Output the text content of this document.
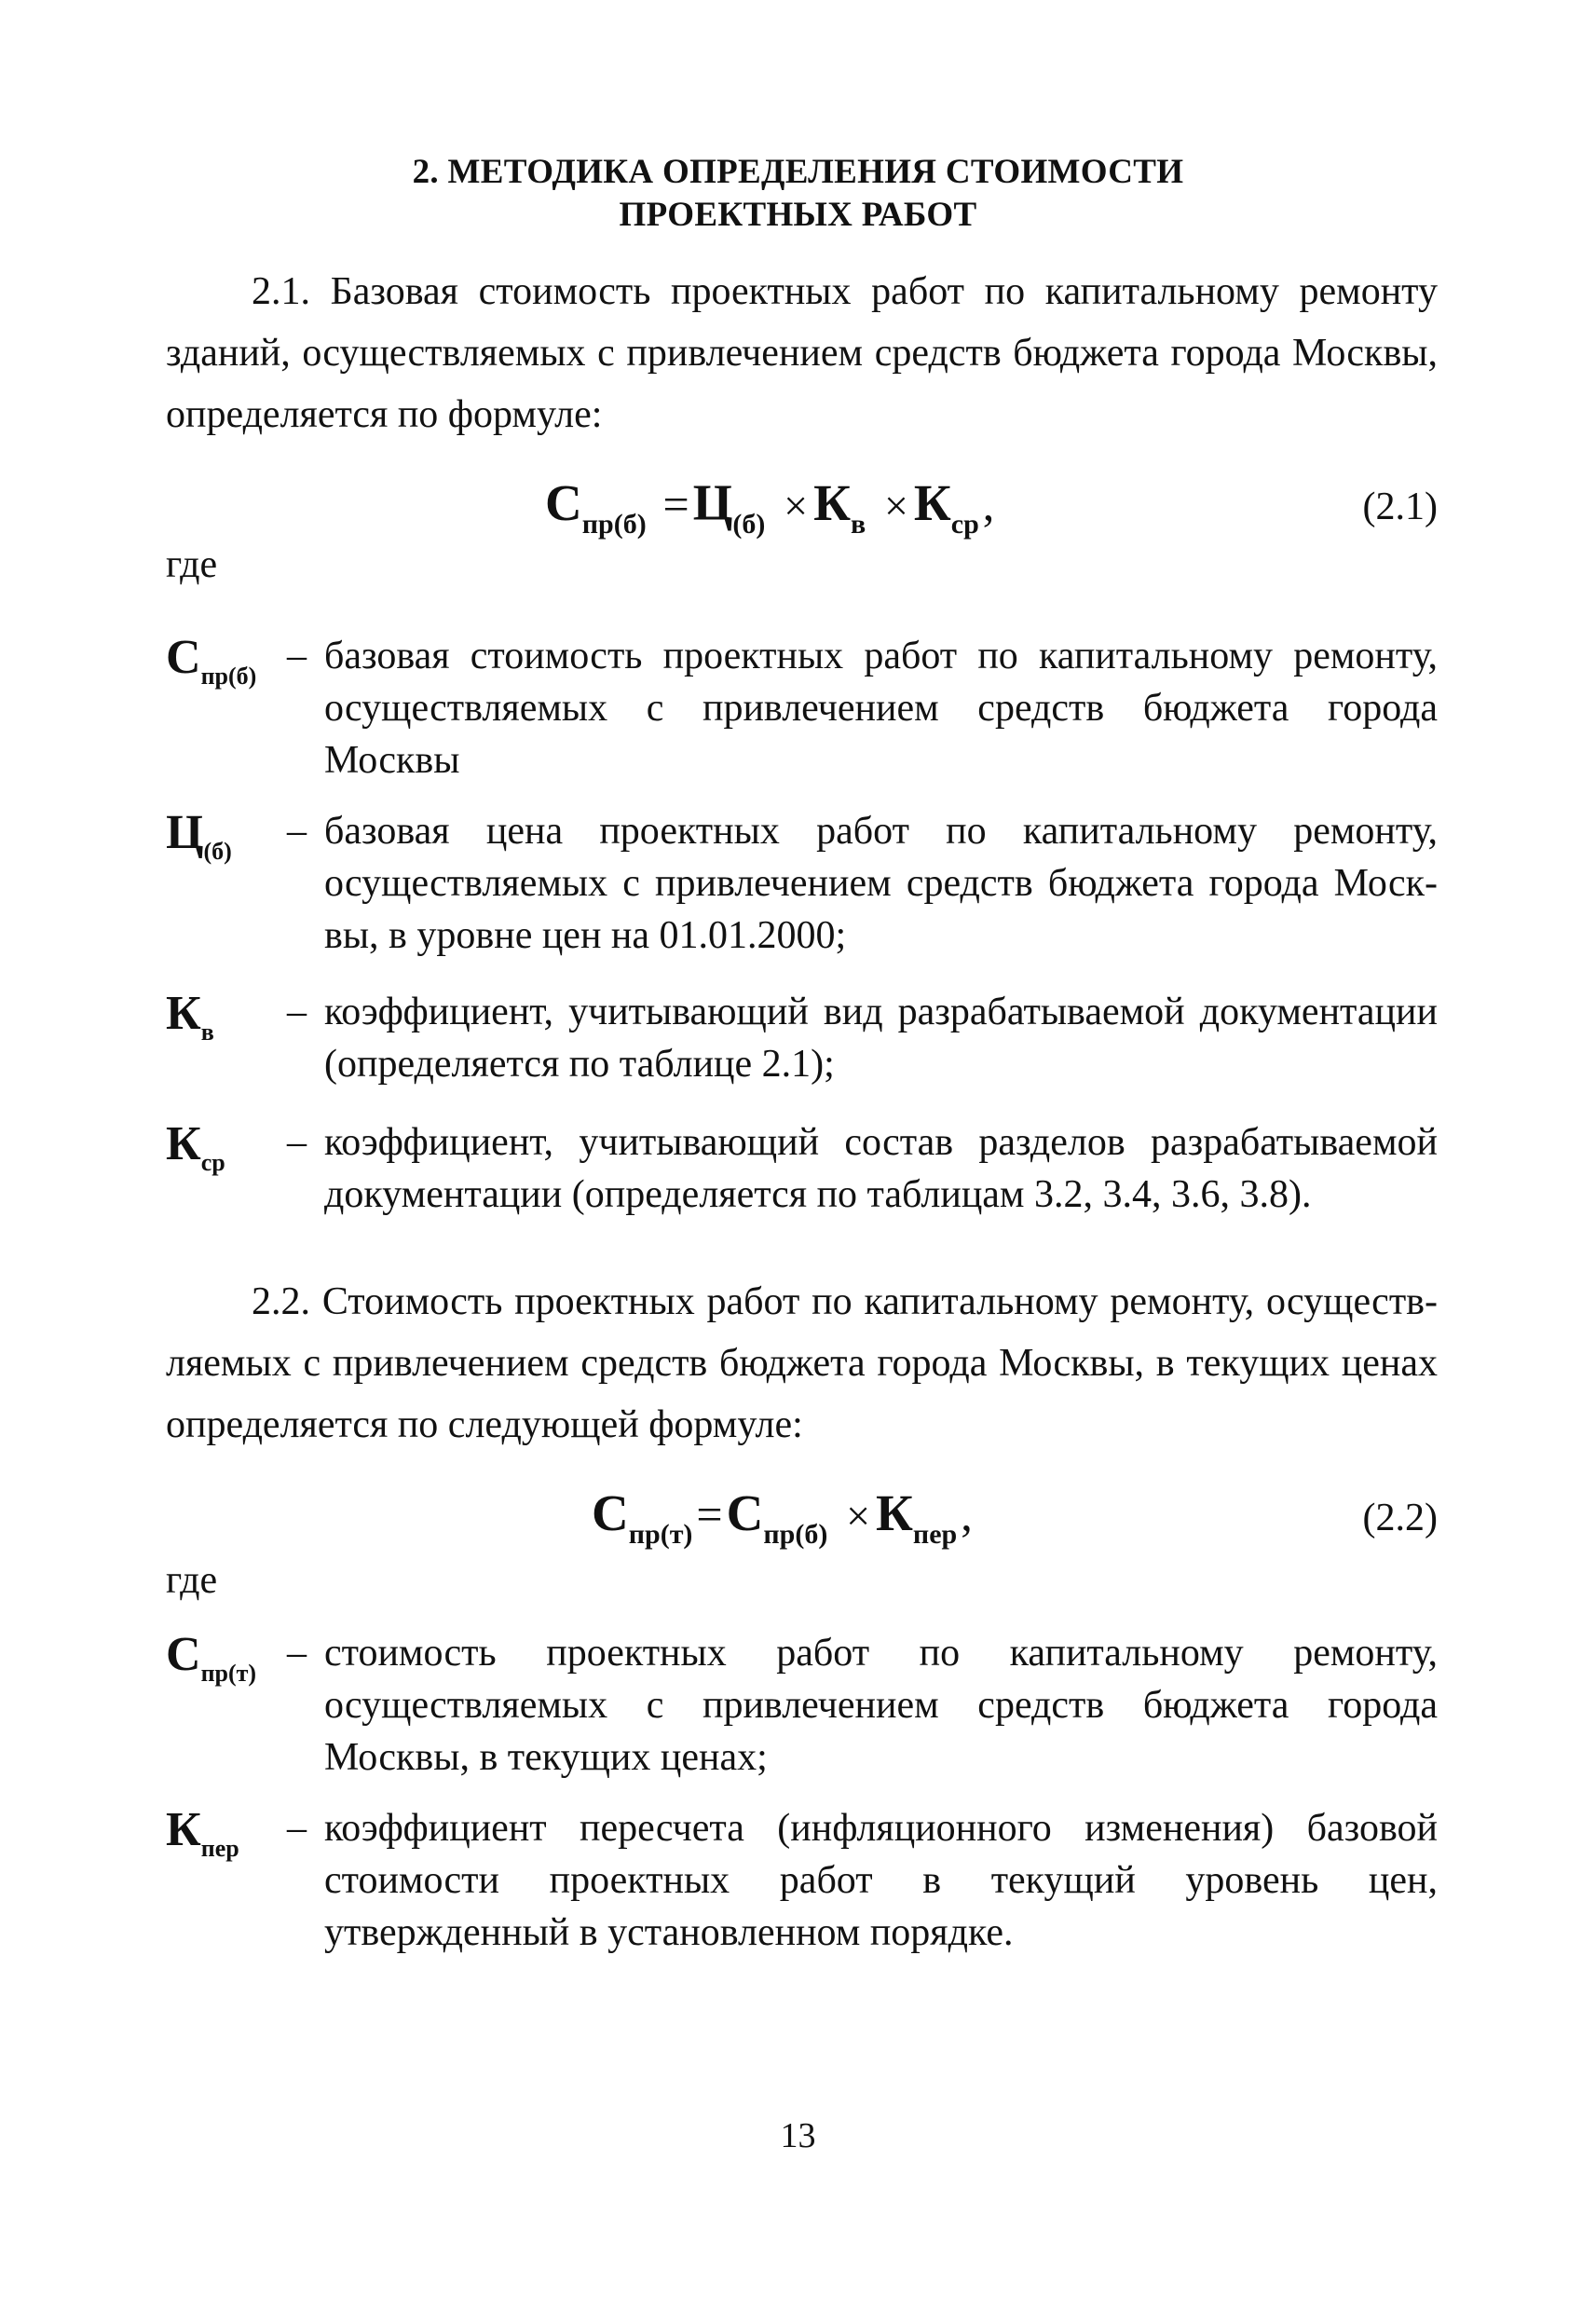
2. МЕТОДИКА ОПРЕДЕЛЕНИЯ СТОИМОСТИ
ПРОЕКТНЫХ РАБОТ
2.1. Базовая стоимость проектных работ по капитальному ремонту
зданий, осуществляемых с привлечением средств бюджета города Москвы,
определяется по формуле:
$С_{пр(б)} =Ц_{(б)} \times К_в \times К_{ср}$,	(2.1)
где
$С_{пр(б)}$ – базовая стоимость проектных работ по капитальному ремонту,
осуществляемых с привлечением средств бюджета города
Москвы
$Ц_{(б)}$ – базовая цена проектных работ по капитальному ремонту,
осуществляемых с привлечением средств бюджета города Моск-
вы, в уровне цен на 01.01.2000;
$К_в$ – коэффициент, учитывающий вид разрабатываемой документации
(определяется по таблице 2.1);
$К_{ср}$ – коэффициент, учитывающий состав разделов разрабатываемой
документации (определяется по таблицам 3.2, 3.4, 3.6, 3.8).
2.2. Стоимость проектных работ по капитальному ремонту, осуществ-
ляемых с привлечением средств бюджета города Москвы, в текущих ценах
определяется по следующей формуле:
$С_{пр(т)}=С_{пр(б)} \times К_{пер}$,	(2.2)
где
$С_{пр(т)}$ – стоимость проектных работ по капитальному ремонту,
осуществляемых с привлечением средств бюджета города
Москвы, в текущих ценах;
$К_{пер}$ – коэффициент пересчета (инфляционного изменения) базовой
стоимости проектных работ в текущий уровень цен,
утвержденный в установленном порядке.
13
